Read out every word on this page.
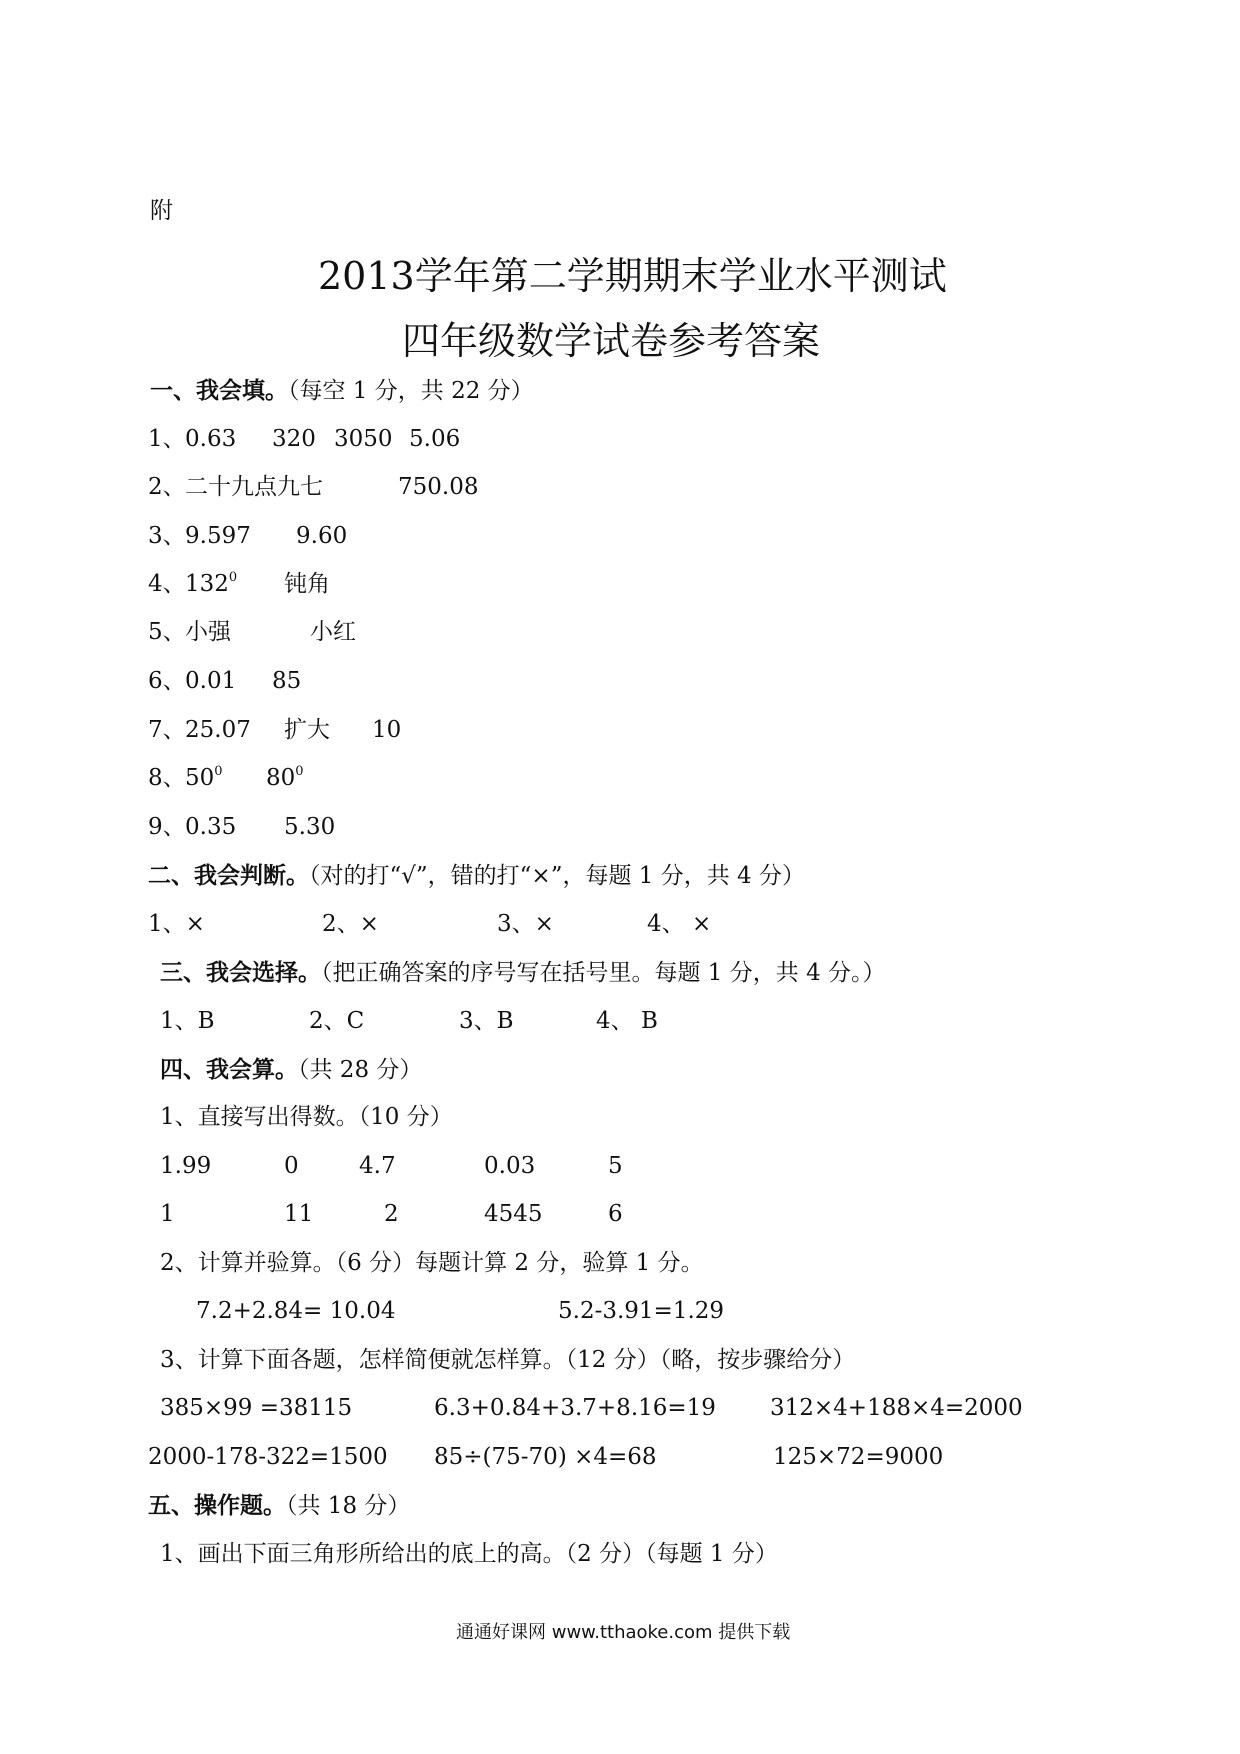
附
2013学年第二学期期末学业水平测试
四年级数学试卷参考答案
一、我会填。（每空 1 分，共 22 分）
1、 0.63 320 3050 5.06
2、 二十九点九七	750.08
3、 9.597 9.60
4、 $132^0$ 钝角
5、 小强	小红
6、 0.01 85
7、 25.07 扩大 10
8、 $50^0$ $80^0$
9、 0.35 5.30
二、我会判断。（对的打“√”，错的打“×”，每题 1 分，共 4 分）
1、×	2、×	3、×	4、 ×
三、我会选择。（把正确答案的序号写在括号里。每题 1 分，共 4 分。）
1、B	2、C	3、B	4、 B
四、我会算。（共 28 分）
1、直接写出得数。（10 分）
1.99	0	4.7	0.03	5
1	11	2	4545	6
2、计算并验算。（6 分）每题计算 2 分，验算 1 分。
7.2+2.84= 10.04	5.2-3.91=1.29
3、计算下面各题，怎样简便就怎样算。（12 分）（略，按步骤给分）
385×99 =38115	6.3+0.84+3.7+8.16=19 312×4+188×4=2000
2000-178-322=1500 85÷(75-70) ×4=68	125×72=9000
五、操作题。（共 18 分）
1、画出下面三角形所给出的底上的高。（2 分）（每题 1 分）
通通好课网 www.tthaoke.com 提供下载
